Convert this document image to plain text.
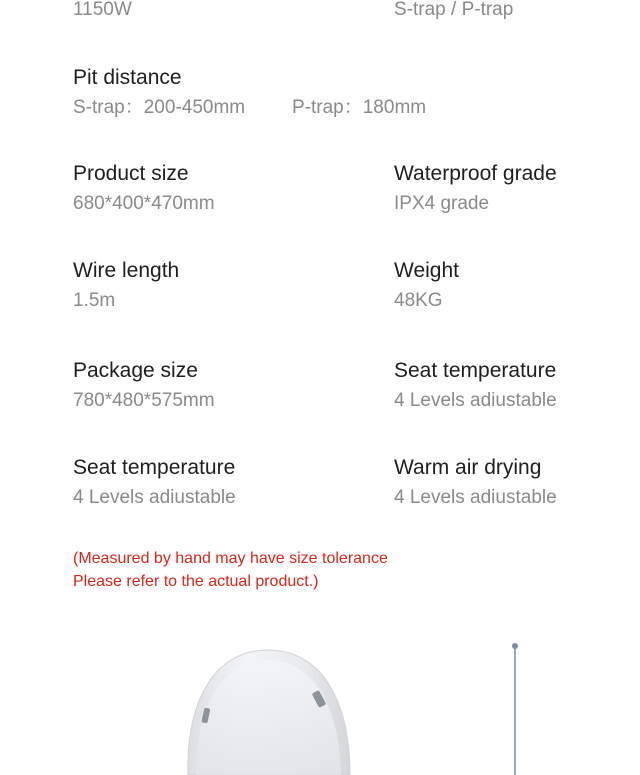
1150W	S-trap / P-trap
Pit distance
S-trap：200-450mm P-trap：180mm
Product size
680*400*470mm
Waterproof grade
IPX4 grade
Wire length
1.5m
Weight
48KG
Package size
780*480*575mm
Seat temperature
4 Levels adiustable
Seat temperature
4 Levels adiustable
Warm air drying
4 Levels adiustable
(Measured by hand may have size tolerance
Please refer to the actual product.)
